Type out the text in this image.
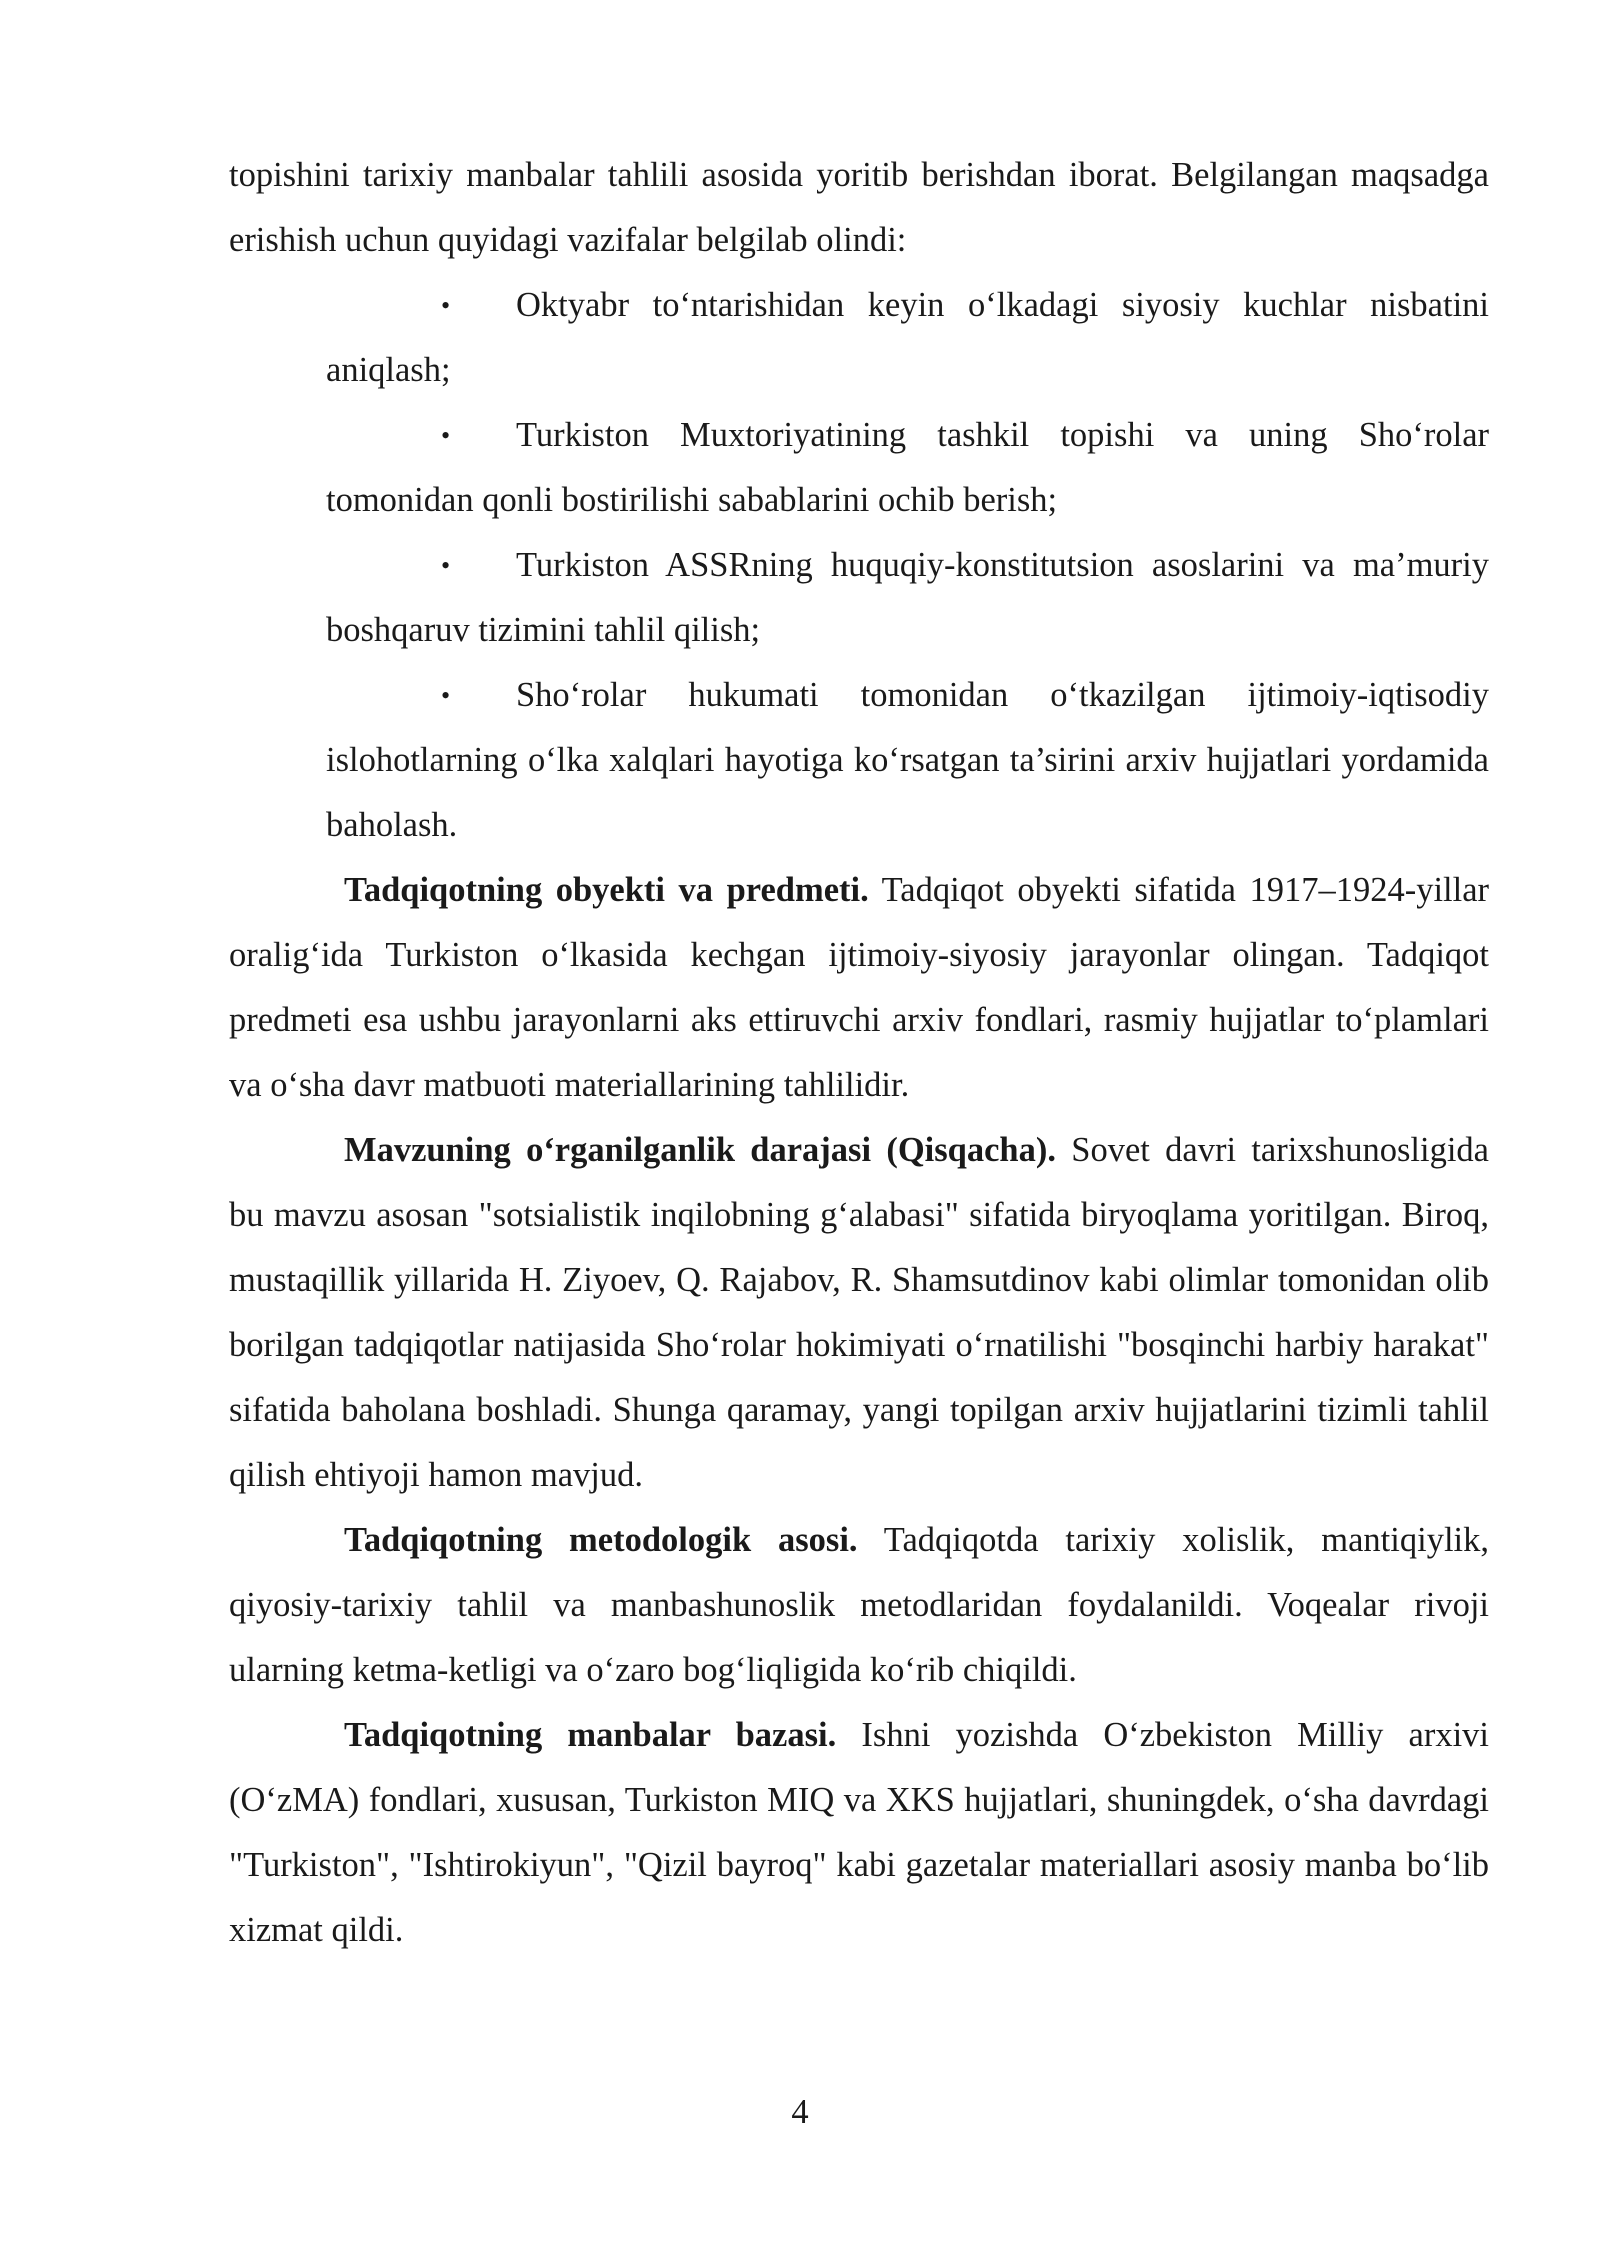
topishini tarixiy manbalar tahlili asosida yoritib berishdan iborat. Belgilangan maqsadga erishish uchun quyidagi vazifalar belgilab olindi:

• Oktyabr to‘ntarishidan keyin o‘lkadagi siyosiy kuchlar nisbatini aniqlash;
• Turkiston Muxtoriyatining tashkil topishi va uning Sho‘rolar tomonidan qonli bostirilishi sabablarini ochib berish;
• Turkiston ASSRning huquqiy-konstitutsion asoslarini va ma’muriy boshqaruv tizimini tahlil qilish;
• Sho‘rolar hukumati tomonidan o‘tkazilgan ijtimoiy-iqtisodiy islohotlarning o‘lka xalqlari hayotiga ko‘rsatgan ta’sirini arxiv hujjatlari yordamida baholash.

Tadqiqotning obyekti va predmeti. Tadqiqot obyekti sifatida 1917–1924-yillar oralig‘ida Turkiston o‘lkasida kechgan ijtimoiy-siyosiy jarayonlar olingan. Tadqiqot predmeti esa ushbu jarayonlarni aks ettiruvchi arxiv fondlari, rasmiy hujjatlar to‘plamlari va o‘sha davr matbuoti materiallarining tahlilidir.

Mavzuning o‘rganilganlik darajasi (Qisqacha). Sovet davri tarixshunosligida bu mavzu asosan "sotsialistik inqilobning g‘alabasi" sifatida biryoqlama yoritilgan. Biroq, mustaqillik yillarida H. Ziyoev, Q. Rajabov, R. Shamsutdinov kabi olimlar tomonidan olib borilgan tadqiqotlar natijasida Sho‘rolar hokimiyati o‘rnatilishi "bosqinchi harbiy harakat" sifatida baholana boshladi. Shunga qaramay, yangi topilgan arxiv hujjatlarini tizimli tahlil qilish ehtiyoji hamon mavjud.

Tadqiqotning metodologik asosi. Tadqiqotda tarixiy xolislik, mantiqiylik, qiyosiy-tarixiy tahlil va manbashunoslik metodlaridan foydalanildi. Voqealar rivoji ularning ketma-ketligi va o‘zaro bog‘liqligida ko‘rib chiqildi.

Tadqiqotning manbalar bazasi. Ishni yozishda O‘zbekiston Milliy arxivi (O‘zMA) fondlari, xususan, Turkiston MIQ va XKS hujjatlari, shuningdek, o‘sha davrdagi "Turkiston", "Ishtirokiyun", "Qizil bayroq" kabi gazetalar materiallari asosiy manba bo‘lib xizmat qildi.

4
